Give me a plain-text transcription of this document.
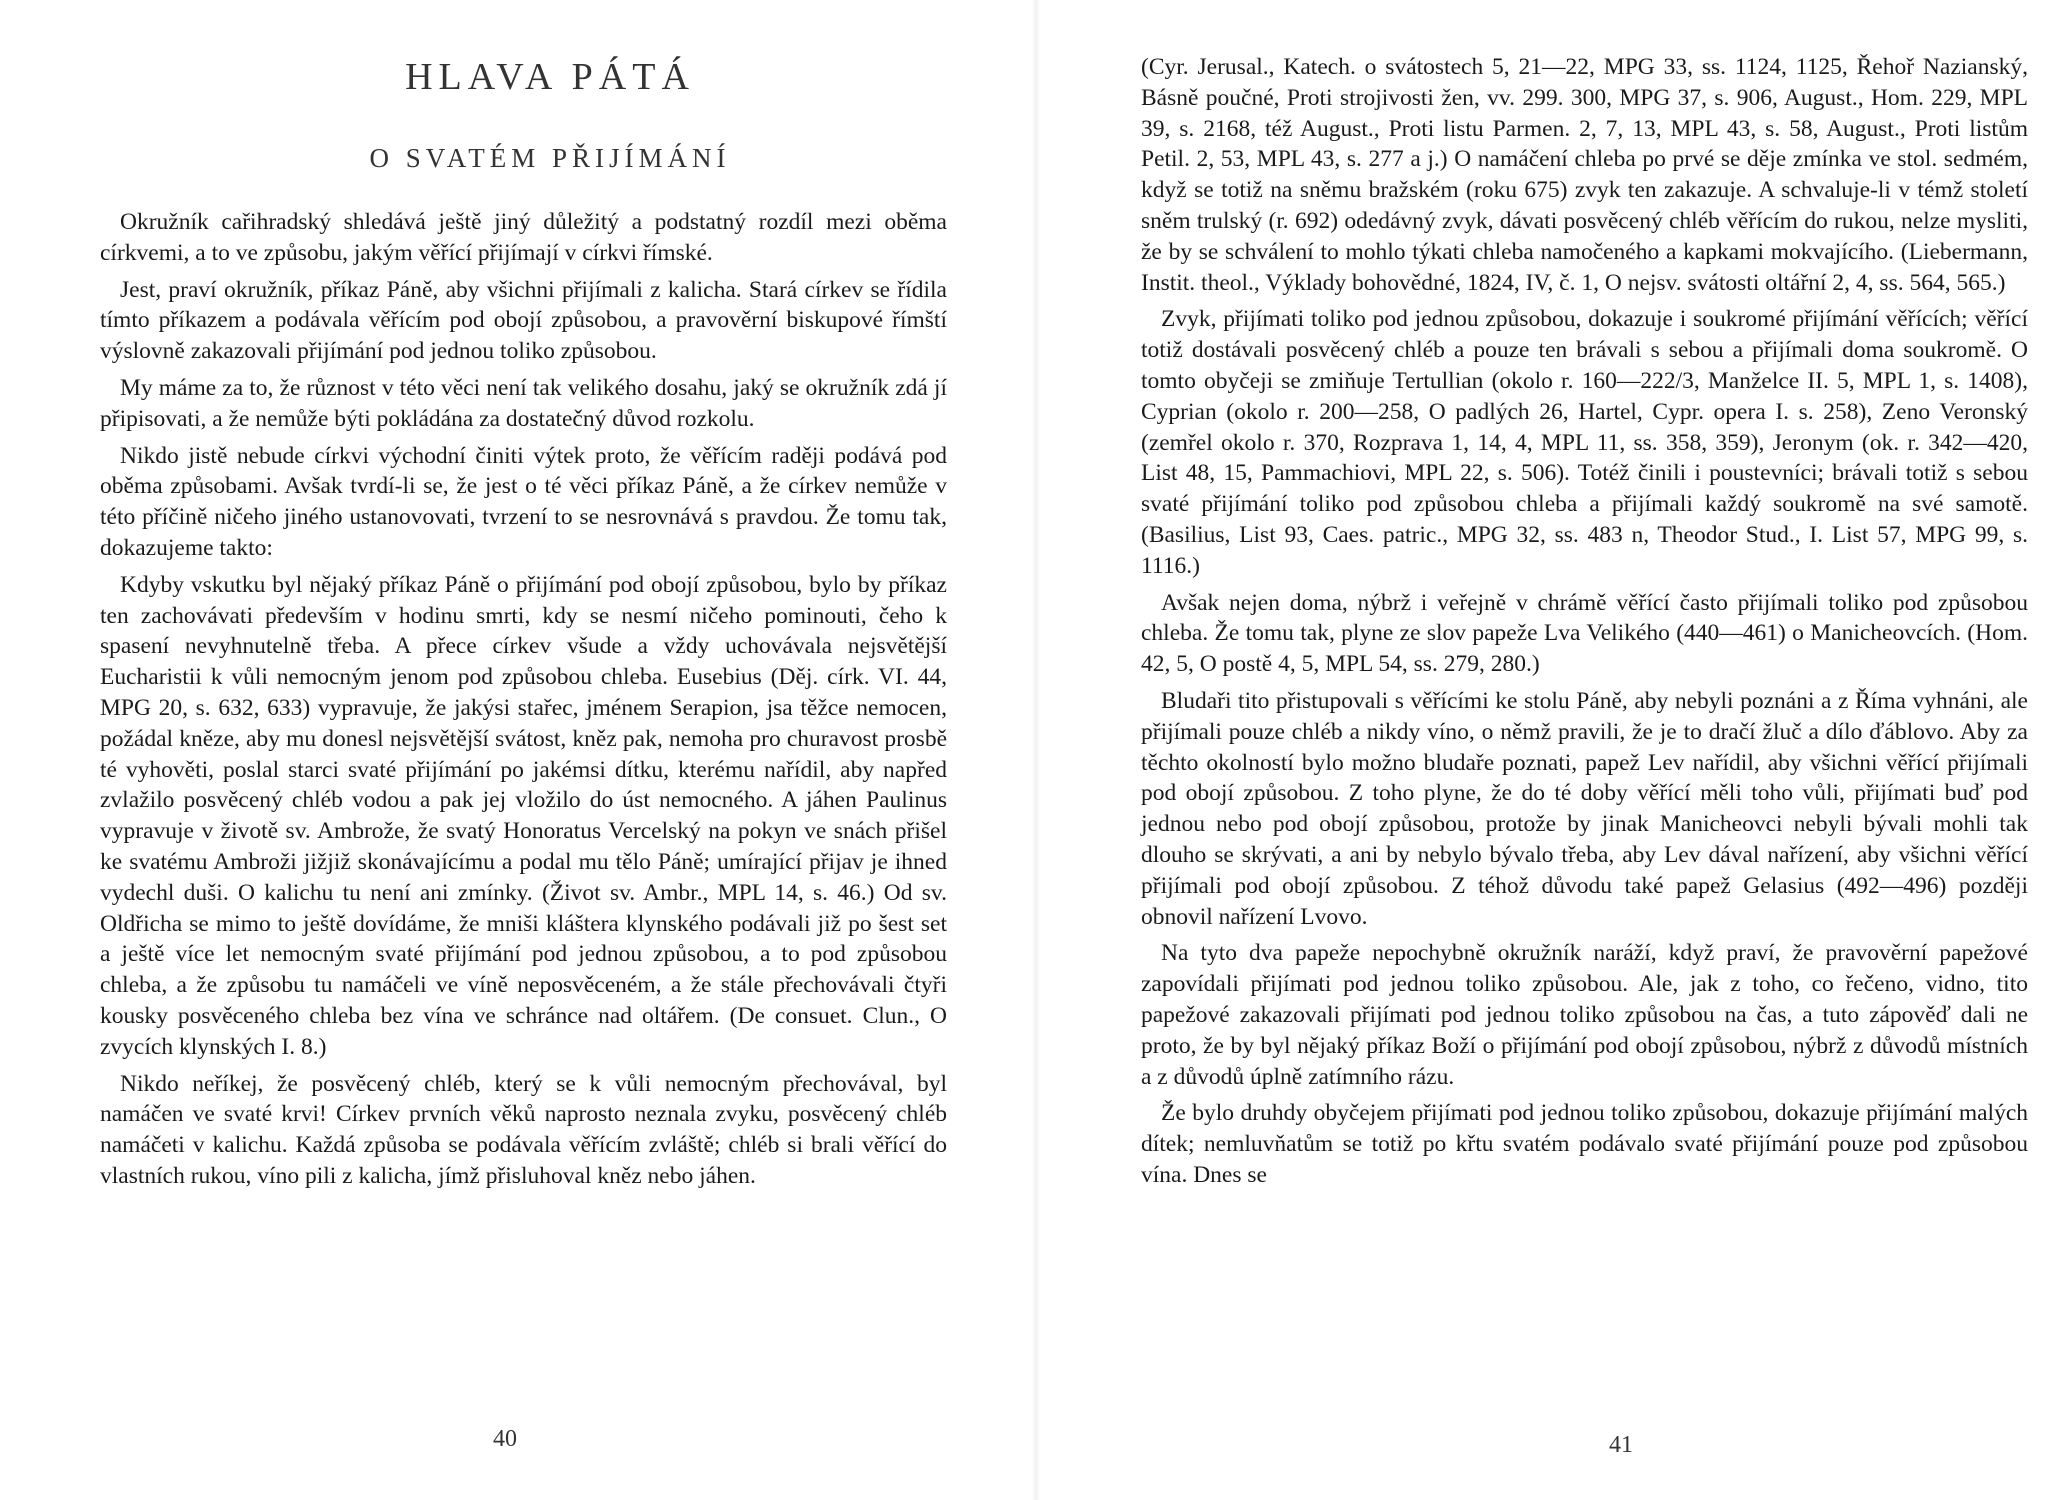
HLAVA PÁTÁ
O SVATÉM PŘIJÍMÁNÍ

Okružník cařihradský shledává ještě jiný důležitý a podstatný rozdíl mezi oběma církvemi, a to ve způsobu, jakým věřící přijímají v církvi římské.

Jest, praví okružník, příkaz Páně, aby všichni přijímali z kalicha. Stará církev se řídila tímto příkazem a podávala věřícím pod obojí způsobou, a pravověrní biskupové římští výslovně zakazovali přijímání pod jednou toliko způsobou.

My máme za to, že různost v této věci není tak velikého dosahu, jaký se okružník zdá jí připisovati, a že nemůže býti pokládána za dostatečný důvod rozkolu.

Nikdo jistě nebude církvi východní činiti výtek proto, že věřícím raději podává pod oběma způsobami. Avšak tvrdí-li se, že jest o té věci příkaz Páně, a že církev nemůže v této příčině ničeho jiného ustanovovati, tvrzení to se nesrovnává s pravdou. Že tomu tak, dokazujeme takto:

Kdyby vskutku byl nějaký příkaz Páně o přijímání pod obojí způsobou, bylo by příkaz ten zachovávati především v hodinu smrti, kdy se nesmí ničeho pominouti, čeho k spasení nevyhnutelně třeba. A přece církev všude a vždy uchovávala nejsvětější Eucharistii k vůli nemocným jenom pod způsobou chleba. Eusebius (Děj. círk. VI. 44, MPG 20, s. 632, 633) vypravuje, že jakýsi stařec, jménem Serapion, jsa těžce nemocen, požádal kněze, aby mu donesl nejsvětější svátost, kněz pak, nemoha pro churavost prosbě té vyhověti, poslal starci svaté přijímání po jakémsi dítku, kterému nařídil, aby napřed zvlažilo posvěcený chléb vodou a pak jej vložilo do úst nemocného. A jáhen Paulinus vypravuje v životě sv. Ambrože, že svatý Honoratus Vercelský na pokyn ve snách přišel ke svatému Ambroži jižjiž skonávajícímu a podal mu tělo Páně; umírající přijav je ihned vydechl duši. O kalichu tu není ani zmínky. (Život sv. Ambr., MPL 14, s. 46.) Od sv. Oldřicha se mimo to ještě dovídáme, že mniši kláštera klynského podávali již po šest set a ještě více let nemocným svaté přijímání pod jednou způsobou, a to pod způsobou chleba, a že způsobu tu namáčeli ve víně neposvěceném, a že stále přechovávali čtyři kousky posvěceného chleba bez vína ve schránce nad oltářem. (De consuet. Clun., O zvycích klynských I. 8.)

Nikdo neříkej, že posvěcený chléb, který se k vůli nemocným přechovával, byl namáčen ve svaté krvi! Církev prvních věků naprosto neznala zvyku, posvěcený chléb namáčeti v kalichu. Každá způsoba se podávala věřícím zvláště; chléb si brali věřící do vlastních rukou, víno pili z kalicha, jímž přisluhoval kněz nebo jáhen.

40

(Cyr. Jerusal., Katech. o svátostech 5, 21—22, MPG 33, ss. 1124, 1125, Řehoř Nazianský, Básně poučné, Proti strojivosti žen, vv. 299. 300, MPG 37, s. 906, August., Hom. 229, MPL 39, s. 2168, též August., Proti listu Parmen. 2, 7, 13, MPL 43, s. 58, August., Proti listům Petil. 2, 53, MPL 43, s. 277 a j.) O namáčení chleba po prvé se děje zmínka ve stol. sedmém, když se totiž na sněmu bražském (roku 675) zvyk ten zakazuje. A schvaluje-li v témž století sněm trulský (r. 692) odedávný zvyk, dávati posvěcený chléb věřícím do rukou, nelze mysliti, že by se schválení to mohlo týkati chleba namočeného a kapkami mokvajícího. (Liebermann, Instit. theol., Výklady bohovědné, 1824, IV, č. 1, O nejsv. svátosti oltářní 2, 4, ss. 564, 565.)

Zvyk, přijímati toliko pod jednou způsobou, dokazuje i soukromé přijímání věřících; věřící totiž dostávali posvěcený chléb a pouze ten brávali s sebou a přijímali doma soukromě. O tomto obyčeji se zmiňuje Tertullian (okolo r. 160—222/3, Manželce II. 5, MPL 1, s. 1408), Cyprian (okolo r. 200—258, O padlých 26, Hartel, Cypr. opera I. s. 258), Zeno Veronský (zemřel okolo r. 370, Rozprava 1, 14, 4, MPL 11, ss. 358, 359), Jeronym (ok. r. 342—420, List 48, 15, Pammachiovi, MPL 22, s. 506). Totéž činili i poustevníci; brávali totiž s sebou svaté přijímání toliko pod způsobou chleba a přijímali každý soukromě na své samotě. (Basilius, List 93, Caes. patric., MPG 32, ss. 483 n, Theodor Stud., I. List 57, MPG 99, s. 1116.)

Avšak nejen doma, nýbrž i veřejně v chrámě věřící často přijímali toliko pod způsobou chleba. Že tomu tak, plyne ze slov papeže Lva Velikého (440—461) o Manicheovcích. (Hom. 42, 5, O postě 4, 5, MPL 54, ss. 279, 280.)

Bludaři tito přistupovali s věřícími ke stolu Páně, aby nebyli poznáni a z Říma vyhnáni, ale přijímali pouze chléb a nikdy víno, o němž pravili, že je to dračí žluč a dílo ďáblovo. Aby za těchto okolností bylo možno bludaře poznati, papež Lev nařídil, aby všichni věřící přijímali pod obojí způsobou. Z toho plyne, že do té doby věřící měli toho vůli, přijímati buď pod jednou nebo pod obojí způsobou, protože by jinak Manicheovci nebyli bývali mohli tak dlouho se skrývati, a ani by nebylo bývalo třeba, aby Lev dával nařízení, aby všichni věřící přijímali pod obojí způsobou. Z téhož důvodu také papež Gelasius (492—496) později obnovil nařízení Lvovo.

Na tyto dva papeže nepochybně okružník naráží, když praví, že pravověrní papežové zapovídali přijímati pod jednou toliko způsobou. Ale, jak z toho, co řečeno, vidno, tito papežové zakazovali přijímati pod jednou toliko způsobou na čas, a tuto zápověď dali ne proto, že by byl nějaký příkaz Boží o přijímání pod obojí způsobou, nýbrž z důvodů místních a z důvodů úplně zatímního rázu.

Že bylo druhdy obyčejem přijímati pod jednou toliko způsobou, dokazuje přijímání malých dítek; nemluvňatům se totiž po křtu svatém podávalo svaté přijímání pouze pod způsobou vína. Dnes se

41
